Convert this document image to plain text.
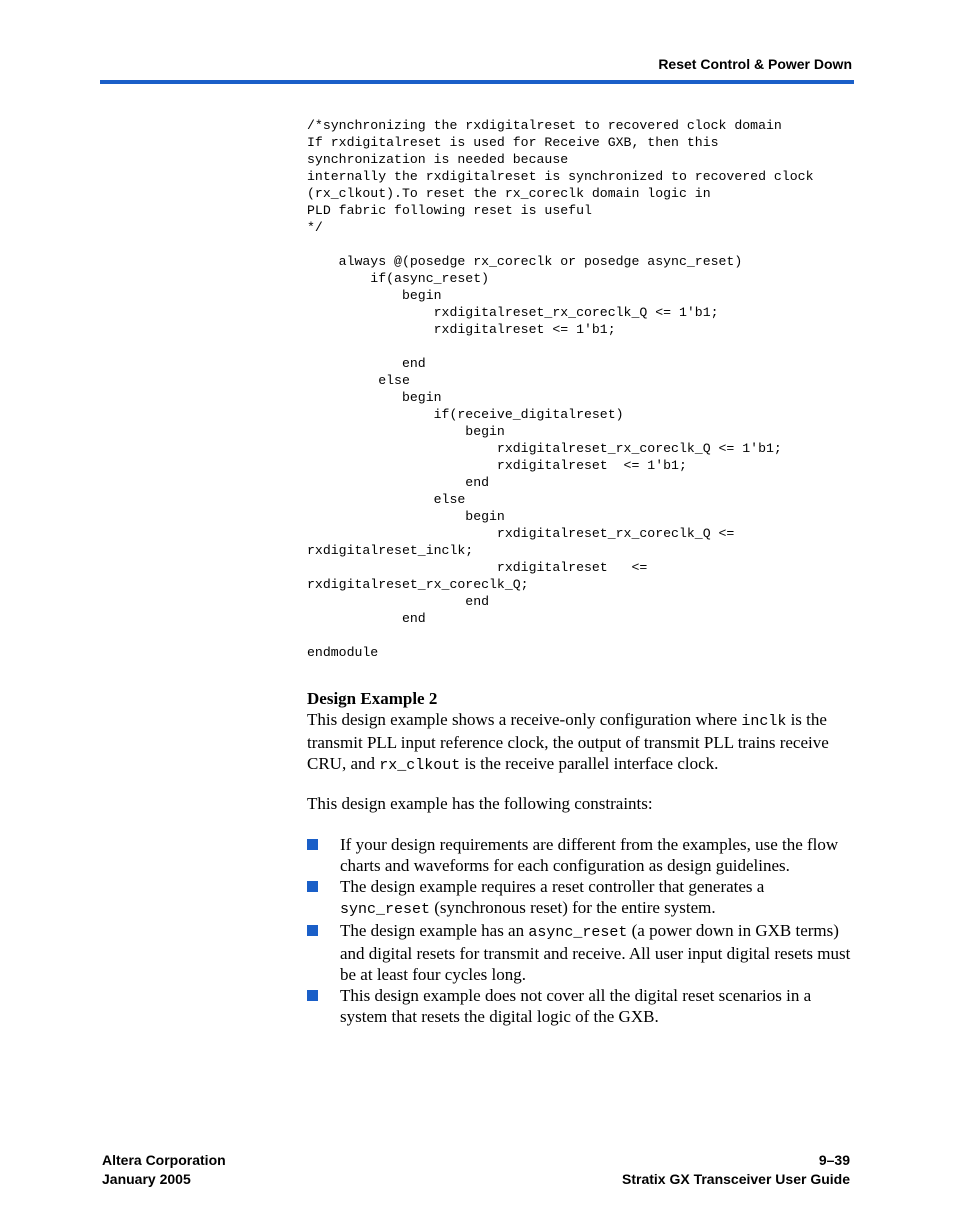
Reset Control & Power Down
/*synchronizing the rxdigitalreset to recovered clock domain
If rxdigitalreset is used for Receive GXB, then this
synchronization is needed because
internally the rxdigitalreset is synchronized to recovered clock
(rx_clkout).To reset the rx_coreclk domain logic in
PLD fabric following reset is useful
*/

always @(posedge rx_coreclk or posedge async_reset)
if(async_reset)
begin
rxdigitalreset_rx_coreclk_Q <= 1'b1;
rxdigitalreset <= 1'b1;

end
else
begin
if(receive_digitalreset)
begin
rxdigitalreset_rx_coreclk_Q <= 1'b1;
rxdigitalreset  <= 1'b1;
end
else
begin
rxdigitalreset_rx_coreclk_Q <=
rxdigitalreset_inclk;
rxdigitalreset   <=
rxdigitalreset_rx_coreclk_Q;
end
end

endmodule
Design Example 2
This design example shows a receive-only configuration where inclk is the transmit PLL input reference clock, the output of transmit PLL trains receive CRU, and rx_clkout is the receive parallel interface clock.
This design example has the following constraints:
If your design requirements are different from the examples, use the flow charts and waveforms for each configuration as design guidelines.
The design example requires a reset controller that generates a sync_reset (synchronous reset) for the entire system.
The design example has an async_reset (a power down in GXB terms) and digital resets for transmit and receive. All user input digital resets must be at least four cycles long.
This design example does not cover all the digital reset scenarios in a system that resets the digital logic of the GXB.
Altera Corporation
January 2005
9–39
Stratix GX Transceiver User Guide
